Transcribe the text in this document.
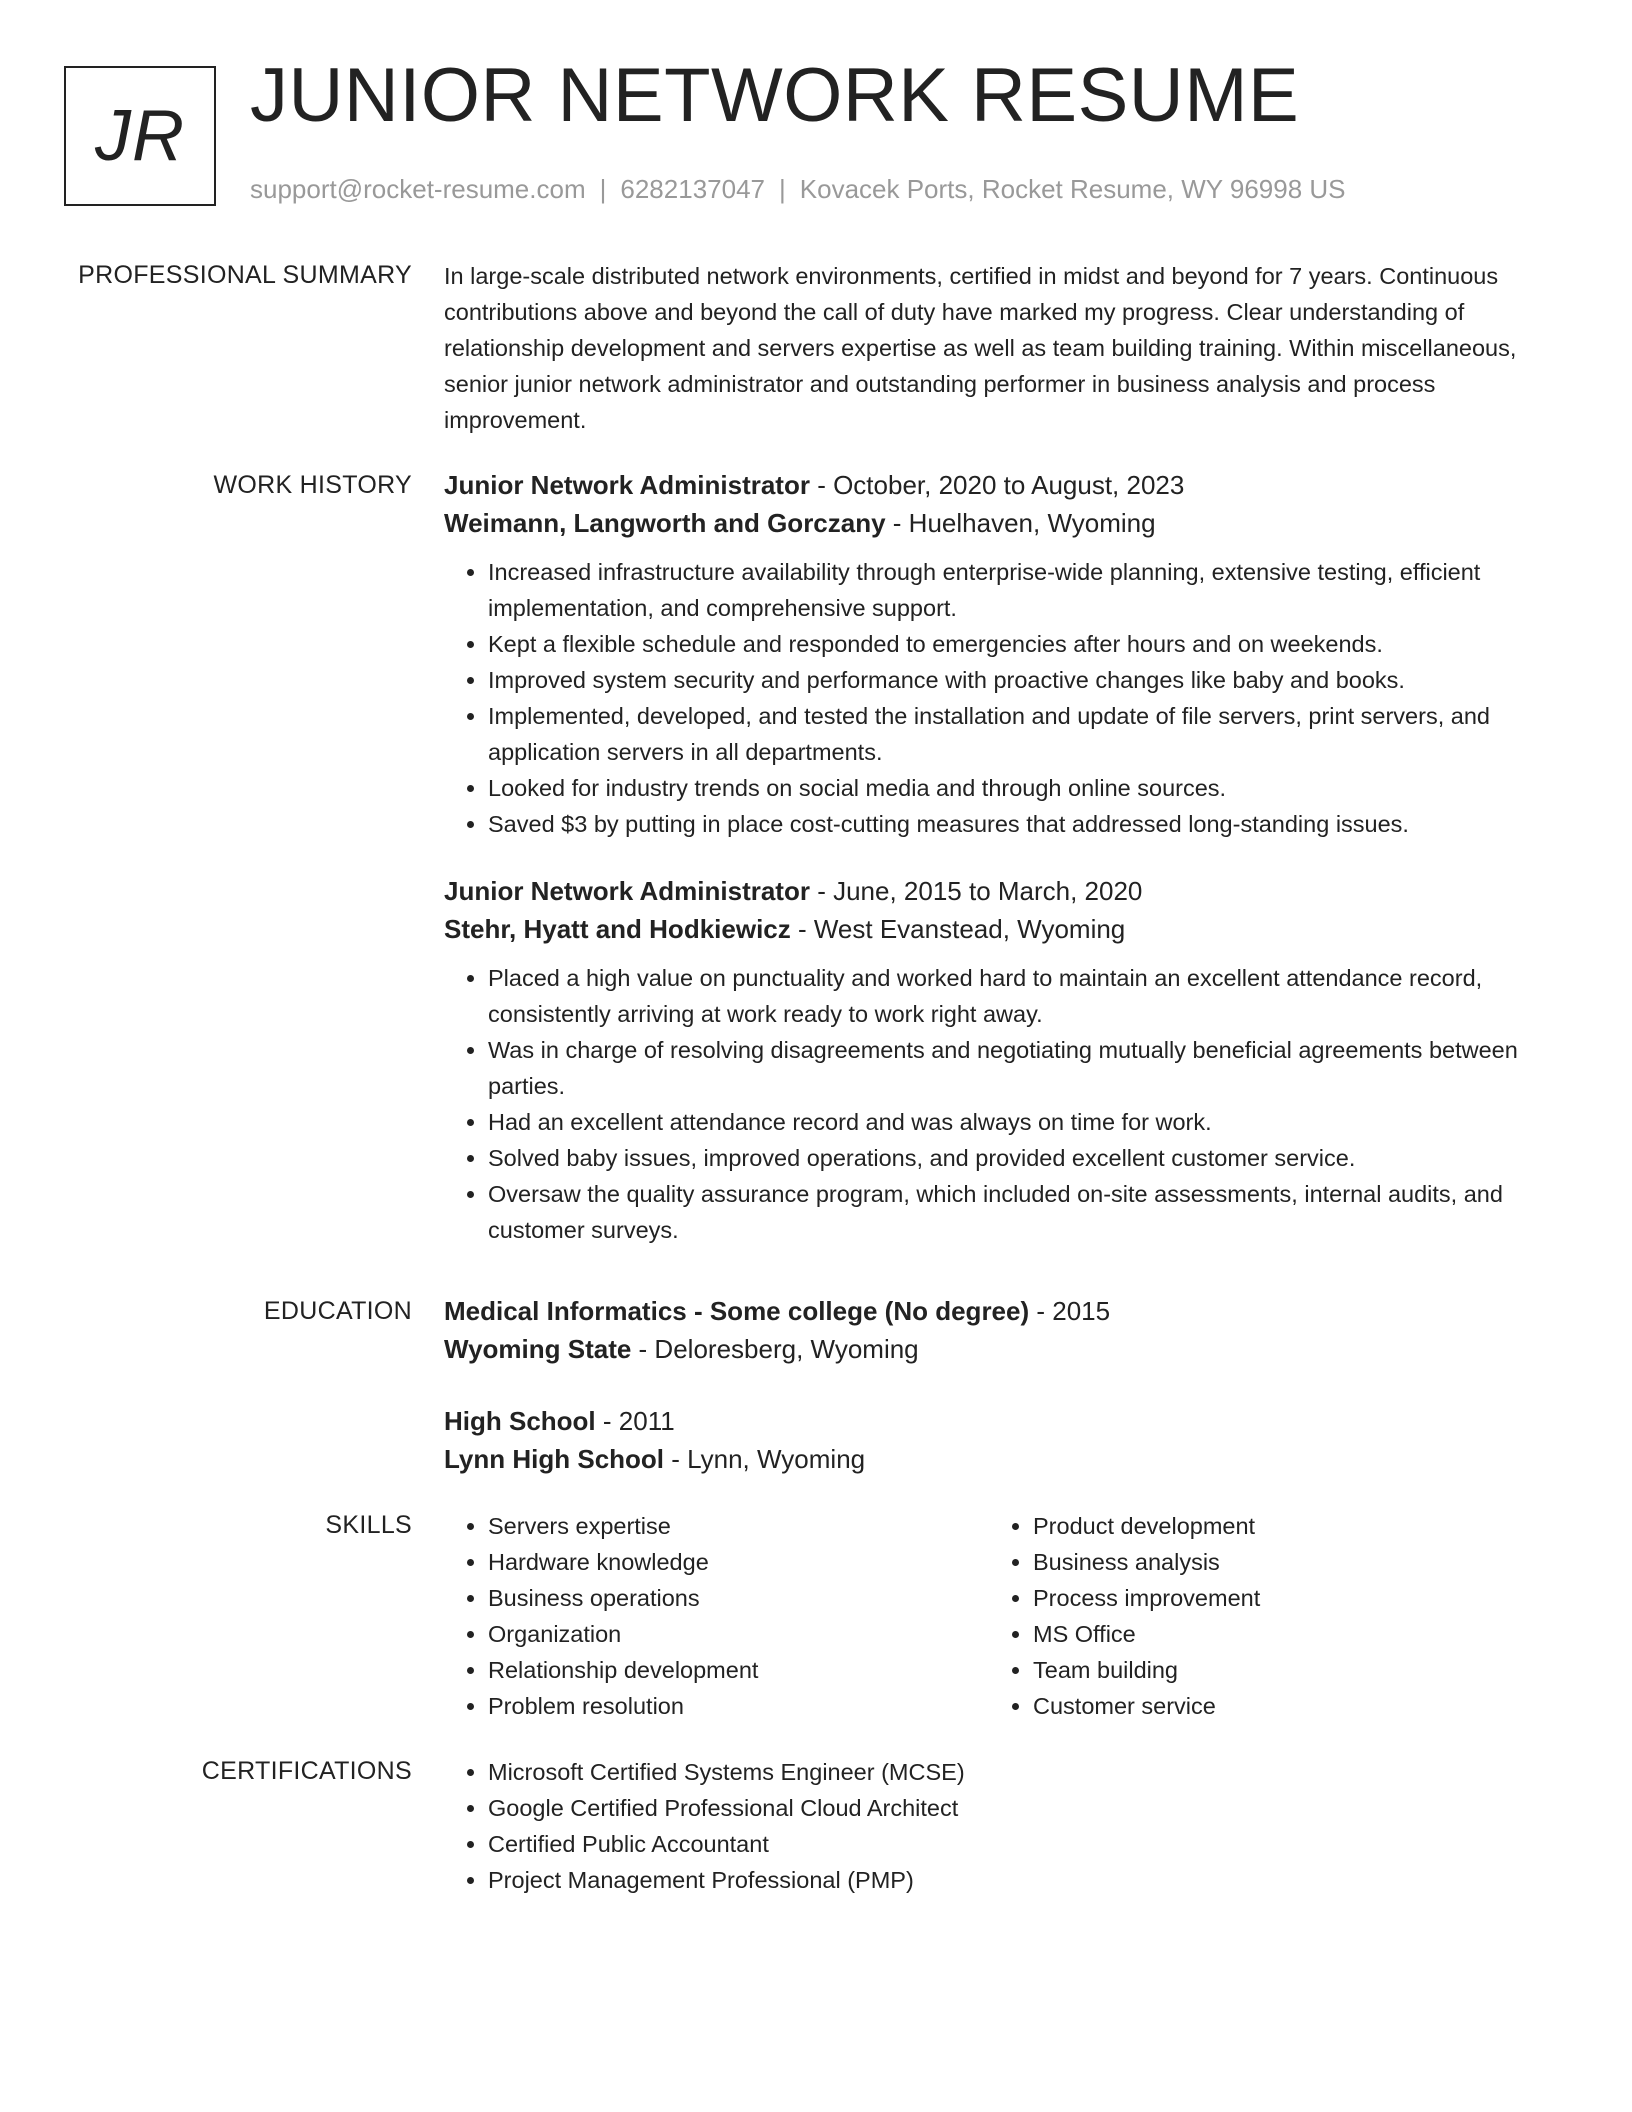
JR JUNIOR NETWORK RESUME
support@rocket-resume.com | 6282137047 | Kovacek Ports, Rocket Resume, WY 96998 US
PROFESSIONAL SUMMARY In large-scale distributed network environments, certified in midst and beyond for 7 years. Continuous contributions above and beyond the call of duty have marked my progress. Clear understanding of relationship development and servers expertise as well as team building training. Within miscellaneous, senior junior network administrator and outstanding performer in business analysis and process improvement.

WORK HISTORY Junior Network Administrator - October, 2020 to August, 2023
Weimann, Langworth and Gorczany - Huelhaven, Wyoming
• Increased infrastructure availability through enterprise-wide planning, extensive testing, efficient implementation, and comprehensive support.
• Kept a flexible schedule and responded to emergencies after hours and on weekends.
• Improved system security and performance with proactive changes like baby and books.
• Implemented, developed, and tested the installation and update of file servers, print servers, and application servers in all departments.
• Looked for industry trends on social media and through online sources.
• Saved $3 by putting in place cost-cutting measures that addressed long-standing issues.
Junior Network Administrator - June, 2015 to March, 2020
Stehr, Hyatt and Hodkiewicz - West Evanstead, Wyoming
• Placed a high value on punctuality and worked hard to maintain an excellent attendance record, consistently arriving at work ready to work right away.
• Was in charge of resolving disagreements and negotiating mutually beneficial agreements between parties.
• Had an excellent attendance record and was always on time for work.
• Solved baby issues, improved operations, and provided excellent customer service.
• Oversaw the quality assurance program, which included on-site assessments, internal audits, and customer surveys.
EDUCATION Medical Informatics - Some college (No degree) - 2015
Wyoming State - Deloresberg, Wyoming
High School - 2011
Lynn High School - Lynn, Wyoming
SKILLS	• Servers expertise
• Hardware knowledge
• Business operations
• Organization
• Relationship development
• Problem resolution
• Product development
• Business analysis
• Process improvement
• MS Office
• Team building
• Customer service
CERTIFICATIONS	• Microsoft Certified Systems Engineer (MCSE)
• Google Certified Professional Cloud Architect
• Certified Public Accountant
• Project Management Professional (PMP)
